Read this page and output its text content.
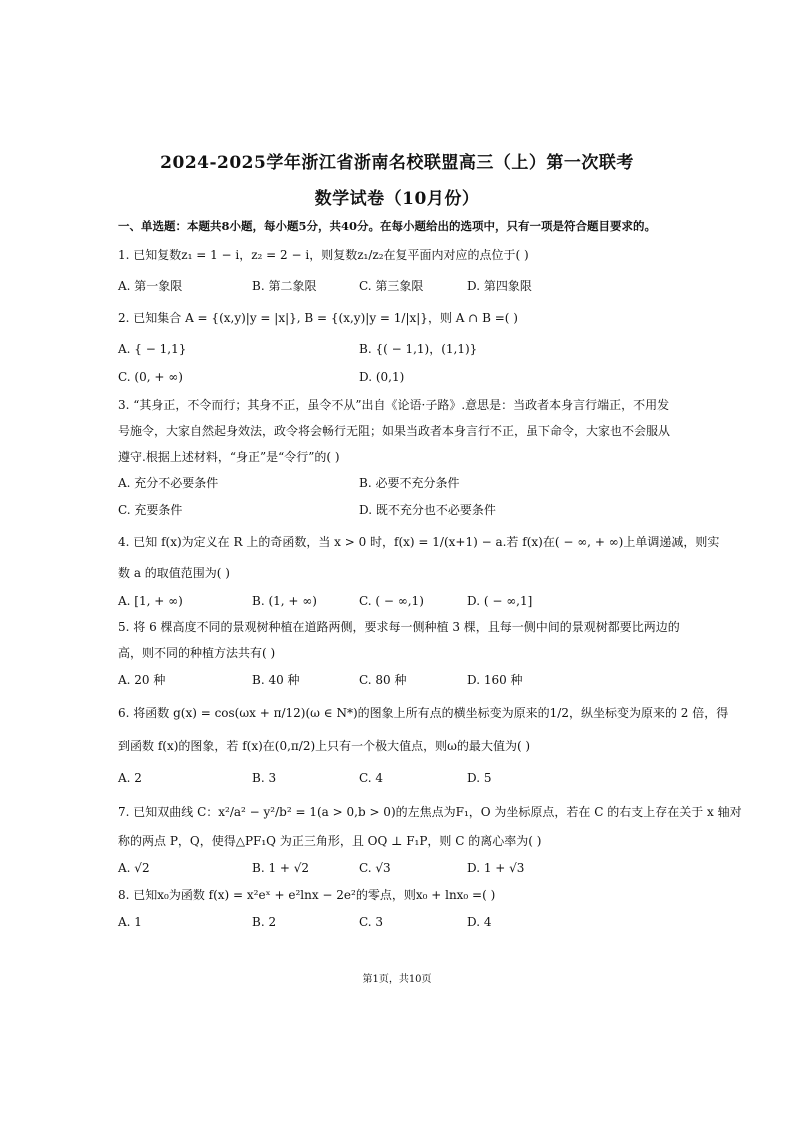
2024-2025学年浙江省浙南名校联盟高三（上）第一次联考
数学试卷（10月份）
一、单选题：本题共8小题，每小题5分，共40分。在每小题给出的选项中，只有一项是符合题目要求的。
1. 已知复数z₁ = 1 − i，z₂ = 2 − i，则复数z₁/z₂在复平面内对应的点位于( )
A. 第一象限	B. 第二象限	C. 第三象限	D. 第四象限
2. 已知集合 A = {(x,y)|y = |x|}, B = {(x,y)|y = 1/|x|}，则 A ∩ B =( )
A. { − 1,1}	B. {( − 1,1)，(1,1)}
C. (0, + ∞)	D. (0,1)
3. “其身正，不令而行；其身不正，虽令不从”出自《论语·子路》.意思是：当政者本身言行端正，不用发
号施令，大家自然起身效法，政令将会畅行无阻；如果当政者本身言行不正，虽下命令，大家也不会服从
遵守.根据上述材料，“身正”是“令行”的( )
A. 充分不必要条件	B. 必要不充分条件
C. 充要条件	D. 既不充分也不必要条件
4. 已知 f(x)为定义在 R 上的奇函数，当 x > 0 时，f(x) = 1/(x+1) − a.若 f(x)在( − ∞, + ∞)上单调递减，则实
数 a 的取值范围为( )
A. [1, + ∞)	B. (1, + ∞)	C. ( − ∞,1)	D. ( − ∞,1]
5. 将 6 棵高度不同的景观树种植在道路两侧，要求每一侧种植 3 棵，且每一侧中间的景观树都要比两边的
高，则不同的种植方法共有( )
A. 20 种	B. 40 种	C. 80 种	D. 160 种
6. 将函数 g(x) = cos(ωx + π/12)(ω ∈ N*)的图象上所有点的横坐标变为原来的1/2，纵坐标变为原来的 2 倍，得
到函数 f(x)的图象，若 f(x)在(0,π/2)上只有一个极大值点，则ω的最大值为( )
A. 2	B. 3	C. 4	D. 5
7. 已知双曲线 C：x²/a² − y²/b² = 1(a > 0,b > 0)的左焦点为F₁，O 为坐标原点，若在 C 的右支上存在关于 x 轴对
称的两点 P，Q，使得△PF₁Q 为正三角形，且 OQ ⊥ F₁P，则 C 的离心率为( )
A. √2	B. 1 + √2	C. √3	D. 1 + √3
8. 已知x₀为函数 f(x) = x²eˣ + e²lnx − 2e²的零点，则x₀ + lnx₀ =( )
A. 1	B. 2	C. 3	D. 4
第1页，共10页
